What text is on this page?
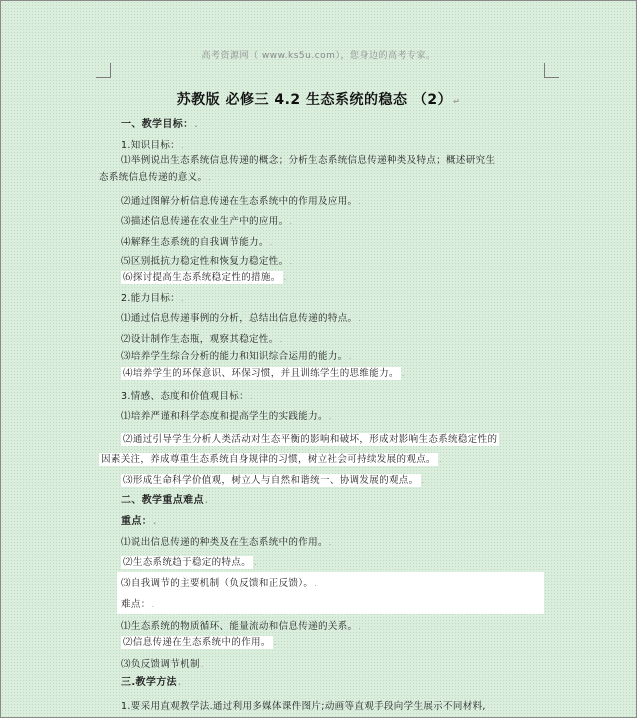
高考资源网（ www.ks5u.com），您身边的高考专家。
苏教版 必修三 4.2 生态系统的稳态 （2）↵
一、教学目标：.
1.知识目标：.
⑴举例说出生态系统信息传递的概念；分析生态系统信息传递种类及特点；概述研究生
态系统信息传递的意义。.
⑵通过图解分析信息传递在生态系统中的作用及应用。.
⑶描述信息传递在农业生产中的应用。.
⑷解释生态系统的自我调节能力。.
⑸区别抵抗力稳定性和恢复力稳定性。.
⑹探讨提高生态系统稳定性的措施。 .
2.能力目标：.
⑴通过信息传递事例的分析，总结出信息传递的特点。.
⑵设计制作生态瓶，观察其稳定性。.
⑶培养学生综合分析的能力和知识综合运用的能力。.
⑷培养学生的环保意识、环保习惯，并且训练学生的思维能力。 .
3.情感、态度和价值观目标：.
⑴培养严谨和科学态度和提高学生的实践能力。.
⑵通过引导学生分析人类活动对生态平衡的影响和破坏，形成对影响生态系统稳定性的
因素关注，养成尊重生态系统自身规律的习惯，树立社会可持续发展的观点。 .
⑶形成生命科学价值观，树立人与自然和谐统一、协调发展的观点。 .
二、教学重点难点.
重点：.
⑴说出信息传递的种类及在生态系统中的作用。.
⑵生态系统趋于稳定的特点。 .
⑶自我调节的主要机制（负反馈和正反馈）。.
难点：.
⑴生态系统的物质循环、能量流动和信息传递的关系。.
⑵信息传递在生态系统中的作用。 .
⑶负反馈调节机制.
三.教学方法.
1.要采用直观教学法.通过利用多媒体课件图片;动画等直观手段向学生展示不同材料,
